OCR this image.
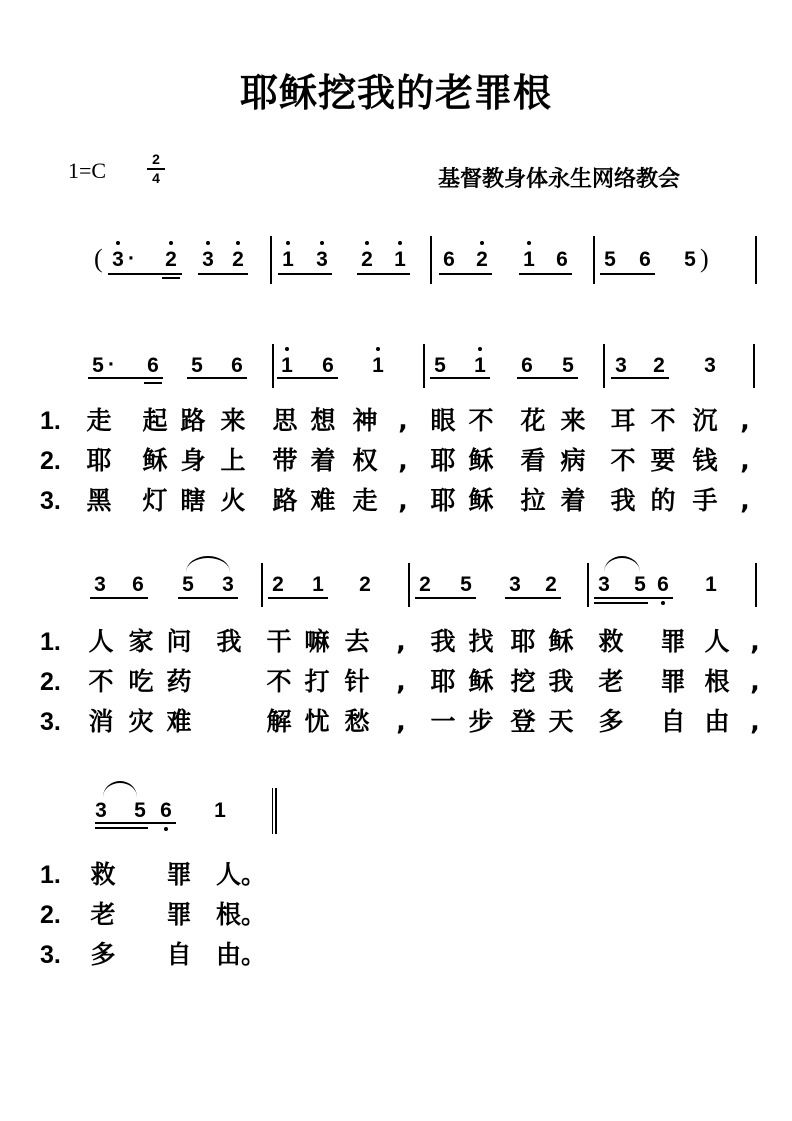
耶稣挖我的老罪根
1=C	2
4	基督教身体永生网络教会
( 3 · 2 3 2 1 3 2 1 6 2 1 6 5 6 5 )
5 · 6 5 6 1 6 1 5 1 6 5 3 2 3
1. 走 起 路 来 思 想 神 , 眼 不 花 来 耳 不 沉 ,
2. 耶 稣 身 上 带 着 权 , 耶 稣 看 病 不 要 钱 ,
3. 黑 灯 瞎 火 路 难 走 , 耶 稣 拉 着 我 的 手 ,
3 6 5 3 2 1 2 2 5 3 2 3 5 6 1
1. 人 家 问 我 干 嘛 去	, 我 找 耶 稣 救 罪 人 ,
2. 不 吃 药	不 打 针	, 耶 稣 挖 我 老 罪 根 ,
3. 消 灾 难	解 忧 愁	, 一 步 登 天 多 自 由 ,
3 5 6 1
1. 救 罪 人。
2. 老 罪 根。
3. 多 自 由。
